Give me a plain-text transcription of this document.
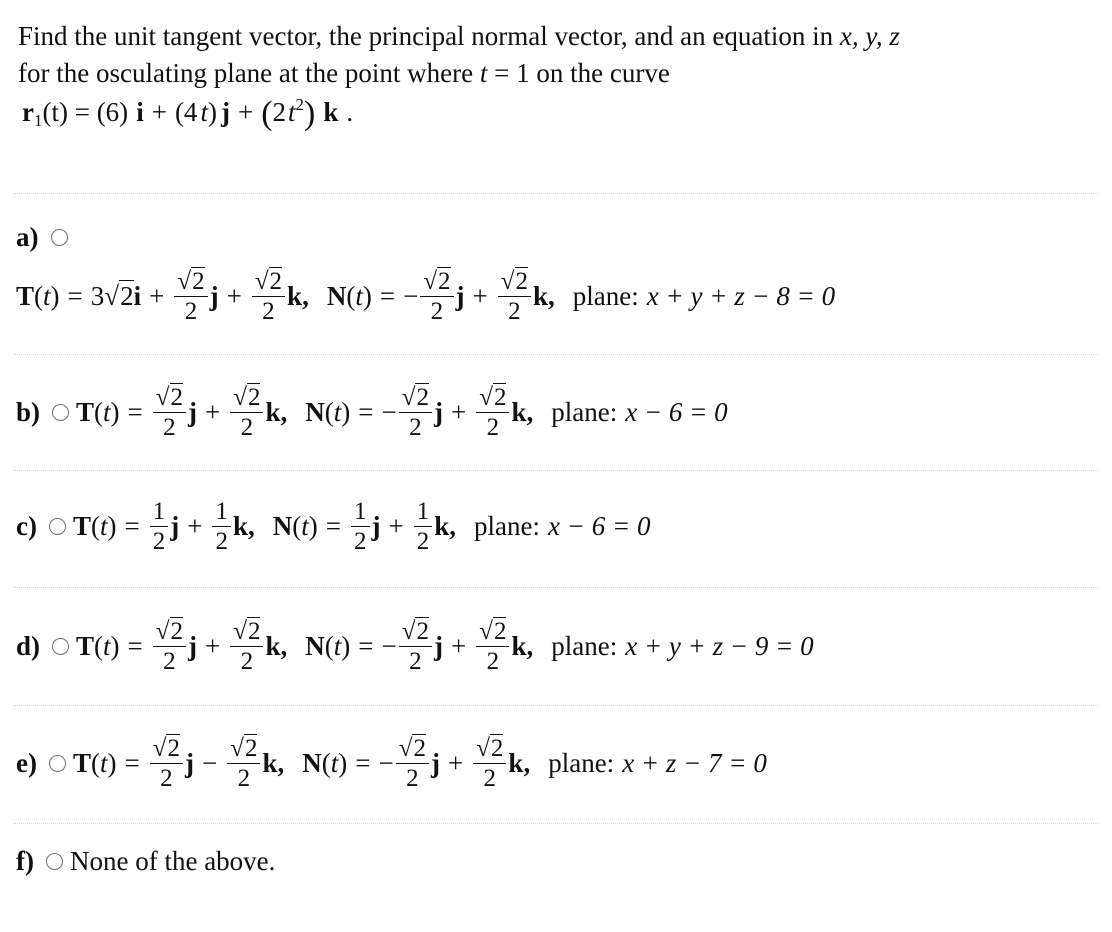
Find the unit tangent vector, the principal normal vector, and an equation in x, y, z
for the osculating plane at the point where t = 1 on the curve
$r_1(t) = (6) i + (4$ t) $j + (2t^2)$ k .
a)
T (t) = 3 √2 $i + \frac{√2}{2}$ $j + \frac{√2}{2} k$, N (t) = − $\frac{√2}{2}$ $j + \frac{√2}{2} k$, plane: x + y + z − 8 = 0
b) T $(t) = \frac{√2}{2}$ $j + \frac{√2}{2} k$, N (t) = − $\frac{√2}{2}$ $j + \frac{√2}{2} k$, plane: x − 6 = 0
c) T $(t) = \frac{1}{2}$ $j + \frac{1}{2} k$, N $(t) = \frac{1}{2}$ $j + \frac{1}{2} k$, plane: x − 6 = 0
d) T $(t) = \frac{√2}{2}$ $j + \frac{√2}{2} k$, N (t) = − $\frac{√2}{2}$ $j + \frac{√2}{2} k$, plane: x + y + z − 9 = 0
e) T $(t) = \frac{√2}{2}$ $j - \frac{√2}{2} k$, N (t) = − $\frac{√2}{2}$ $j + \frac{√2}{2} k$, plane: x + z − 7 = 0
f) None of the above.
